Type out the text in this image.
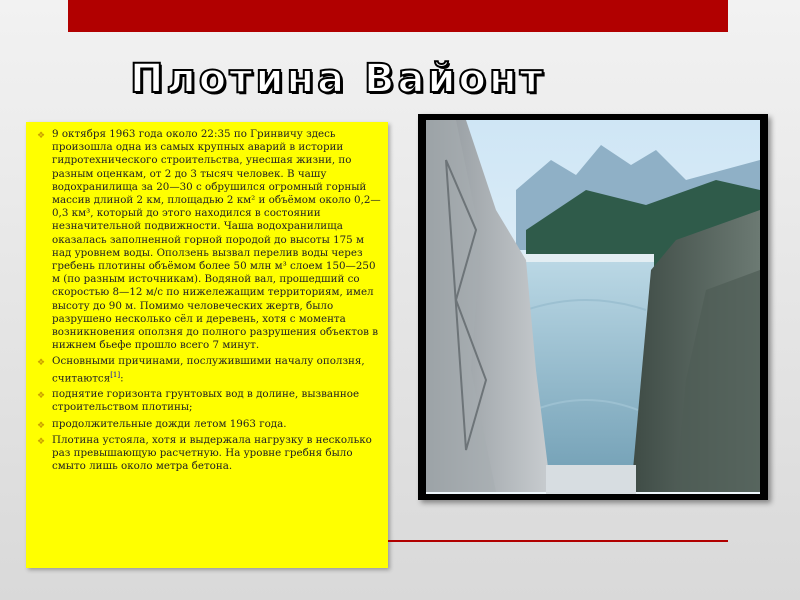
Плотина Вайонт
❖ 9 октября 1963 года около 22:35 по Гринвичу здесь произошла одна из самых крупных аварий в истории гидротехнического строительства, унесшая жизни, по разным оценкам, от 2 до 3 тысяч человек. В чашу водохранилища за 20—30 с обрушился огромный горный массив длиной 2 км, площадью 2 км² и объёмом около 0,2—0,3 км³, который до этого находился в состоянии незначительной подвижности. Чаша водохранилища оказалась заполненной горной породой до высоты 175 м над уровнем воды. Оползень вызвал перелив воды через гребень плотины объёмом более 50 млн м³ слоем 150—250 м (по разным источникам). Водяной вал, прошедший со скоростью 8—12 м/с по нижележащим территориям, имел высоту до 90 м. Помимо человеческих жертв, было разрушено несколько сёл и деревень, хотя с момента возникновения оползня до полного разрушения объектов в нижнем бьефе прошло всего 7 минут.
❖ Основными причинами, послужившими началу оползня, считаются[1]:
❖ поднятие горизонта грунтовых вод в долине, вызванное строительством плотины;
❖ продолжительные дожди летом 1963 года.
❖ Плотина устояла, хотя и выдержала нагрузку в несколько раз превышающую расчетную. На уровне гребня было смыто лишь около метра бетона.
